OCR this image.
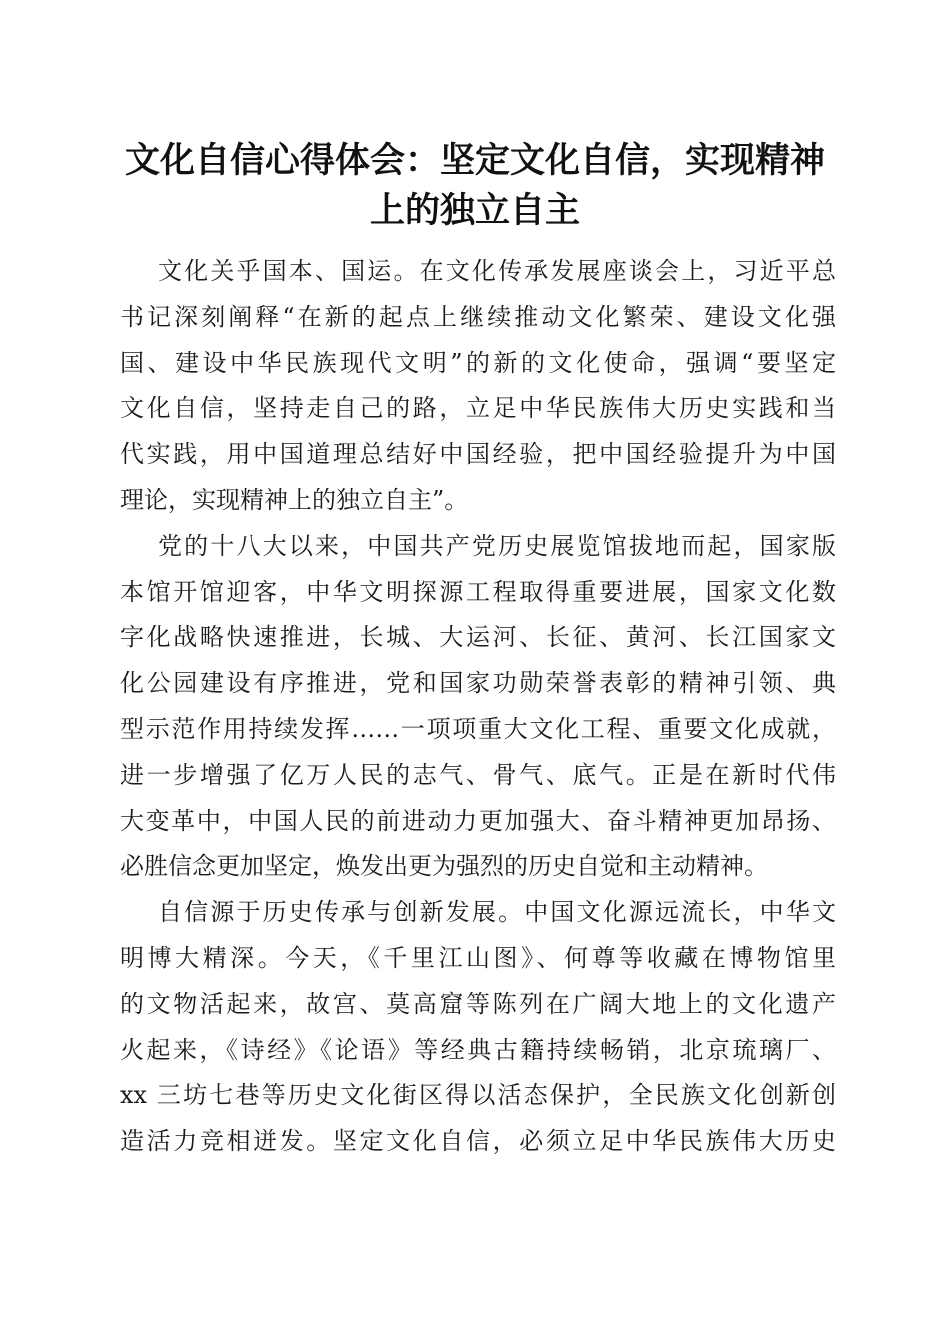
文化自信心得体会：坚定文化自信，实现精神
上的独立自主
文化关乎国本、国运。在文化传承发展座谈会上，习近平总
书记深刻阐释“在新的起点上继续推动文化繁荣、建设文化强
国、建设中华民族现代文明”的新的文化使命，强调“要坚定
文化自信，坚持走自己的路，立足中华民族伟大历史实践和当
代实践，用中国道理总结好中国经验，把中国经验提升为中国
理论，实现精神上的独立自主”。
党的十八大以来，中国共产党历史展览馆拔地而起，国家版
本馆开馆迎客，中华文明探源工程取得重要进展，国家文化数
字化战略快速推进，长城、大运河、长征、黄河、长江国家文
化公园建设有序推进，党和国家功勋荣誉表彰的精神引领、典
型示范作用持续发挥……一项项重大文化工程、重要文化成就，
进一步增强了亿万人民的志气、骨气、底气。正是在新时代伟
大变革中，中国人民的前进动力更加强大、奋斗精神更加昂扬、
必胜信念更加坚定，焕发出更为强烈的历史自觉和主动精神。
自信源于历史传承与创新发展。中国文化源远流长，中华文
明博大精深。今天，《千里江山图》、何尊等收藏在博物馆里
的文物活起来，故宫、莫高窟等陈列在广阔大地上的文化遗产
火起来，《诗经》《论语》等经典古籍持续畅销，北京琉璃厂、
xx 三坊七巷等历史文化街区得以活态保护，全民族文化创新创
造活力竞相迸发。坚定文化自信，必须立足中华民族伟大历史
